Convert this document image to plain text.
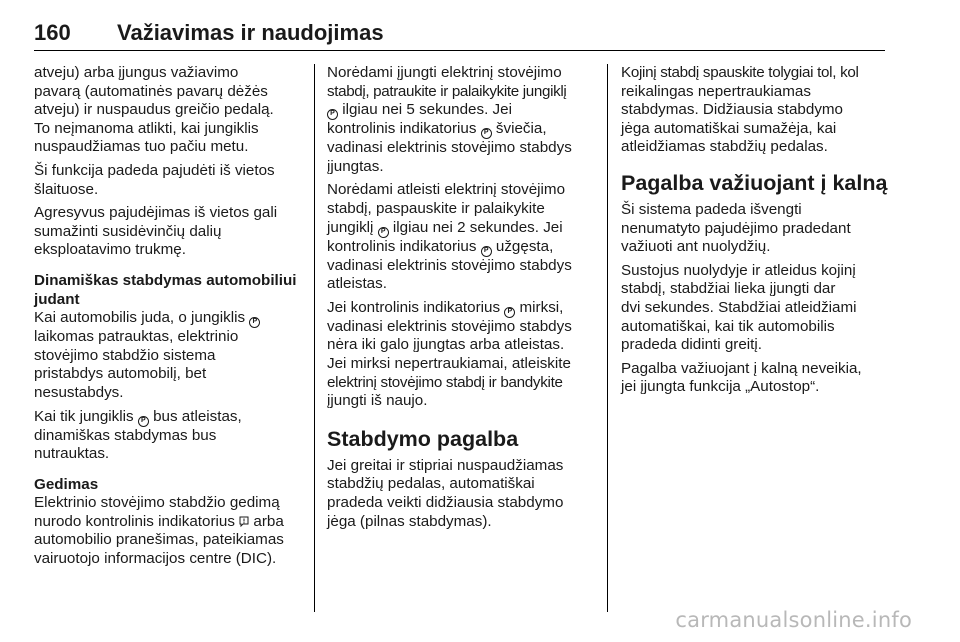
160 Važiavimas ir naudojimas

atveju) arba įjungus važiavimo
pavarą (automatinės pavarų dėžės
atveju) ir nuspaudus greičio pedalą.
To neįmanoma atlikti, kai jungiklis
nuspaudžiamas tuo pačiu metu.

Ši funkcija padeda pajudėti iš vietos
šlaituose.

Agresyvus pajudėjimas iš vietos gali
sumažinti susidėvinčių dalių
eksploatavimo trukmę.

Dinamiškas stabdymas automobiliui
judant

Kai automobilis juda, o jungiklis P
laikomas patrauktas, elektrinio
stovėjimo stabdžio sistema
pristabdys automobilį, bet
nesustabdys.

Kai tik jungiklis P bus atleistas,
dinamiškas stabdymas bus
nutrauktas.

Gedimas

Elektrinio stovėjimo stabdžio gedimą
nurodo kontrolinis indikatorius arba
automobilio pranešimas, pateikiamas
vairuotojo informacijos centre (DIC).

Norėdami įjungti elektrinį stovėjimo
stabdį, patraukite ir palaikykite jungiklį
P ilgiau nei 5 sekundes. Jei
kontrolinis indikatorius P šviečia,
vadinasi elektrinis stovėjimo stabdys
įjungtas.

Norėdami atleisti elektrinį stovėjimo
stabdį, paspauskite ir palaikykite
jungiklį P ilgiau nei 2 sekundes. Jei
kontrolinis indikatorius P užgęsta,
vadinasi elektrinis stovėjimo stabdys
atleistas.

Jei kontrolinis indikatorius P mirksi,
vadinasi elektrinis stovėjimo stabdys
nėra iki galo įjungtas arba atleistas.
Jei mirksi nepertraukiamai, atleiskite
elektrinį stovėjimo stabdį ir bandykite
įjungti iš naujo.

Stabdymo pagalba

Jei greitai ir stipriai nuspaudžiamas
stabdžių pedalas, automatiškai
pradeda veikti didžiausia stabdymo
jėga (pilnas stabdymas).

Kojinį stabdį spauskite tolygiai tol, kol
reikalingas nepertraukiamas
stabdymas. Didžiausia stabdymo
jėga automatiškai sumažėja, kai
atleidžiamas stabdžių pedalas.

Pagalba važiuojant į kalną

Ši sistema padeda išvengti
nenumatyto pajudėjimo pradedant
važiuoti ant nuolydžių.

Sustojus nuolydyje ir atleidus kojinį
stabdį, stabdžiai lieka įjungti dar
dvi sekundes. Stabdžiai atleidžiami
automatiškai, kai tik automobilis
pradeda didinti greitį.

Pagalba važiuojant į kalną neveikia,
jei įjungta funkcija „Autostop“.

carmanualsonline.info
